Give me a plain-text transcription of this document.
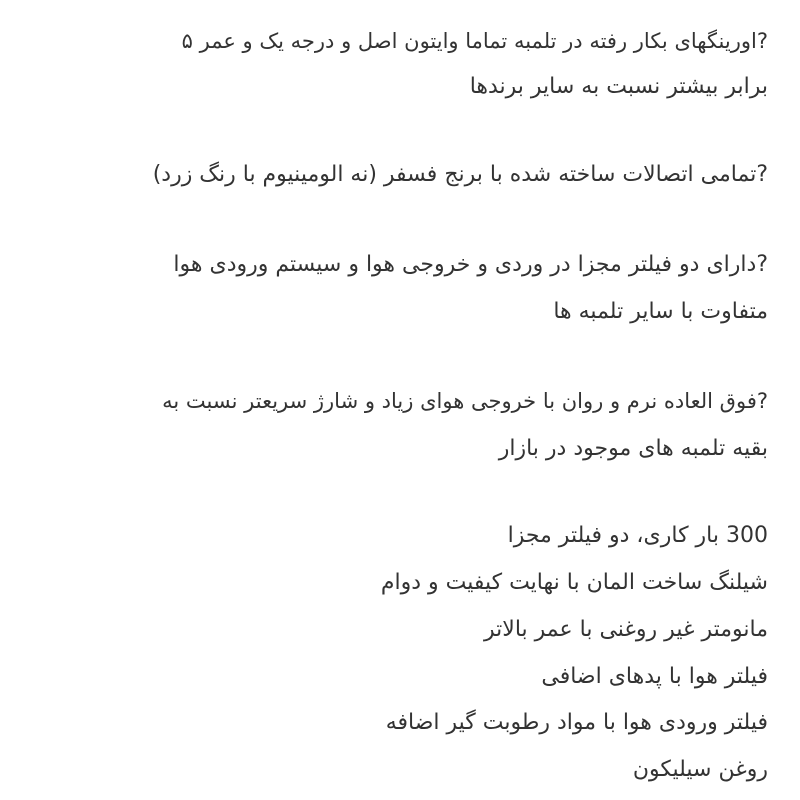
?اورینگهای بکار رفته در تلمبه تماما وایتون اصل و درجه یک و عمر ۵
برابر بیشتر نسبت به سایر برندها
?تمامی اتصالات ساخته شده با برنج فسفر (نه الومینیوم با رنگ زرد)
?دارای دو فیلتر مجزا در وردی و خروجی هوا و سیستم ورودی هوا
متفاوت با سایر تلمبه ها
?فوق العاده نرم و روان با خروجی هوای زیاد و شارژ سریعتر نسبت به
بقیه تلمبه های موجود در بازار
300 بار کاری، دو فیلتر مجزا
شیلنگ ساخت المان با نهایت کیفیت و دوام
مانومتر غیر روغنی با عمر بالاتر
فیلتر هوا با پدهای اضافی
فیلتر ورودی هوا با مواد رطوبت گیر اضافه
روغن سیلیکون
